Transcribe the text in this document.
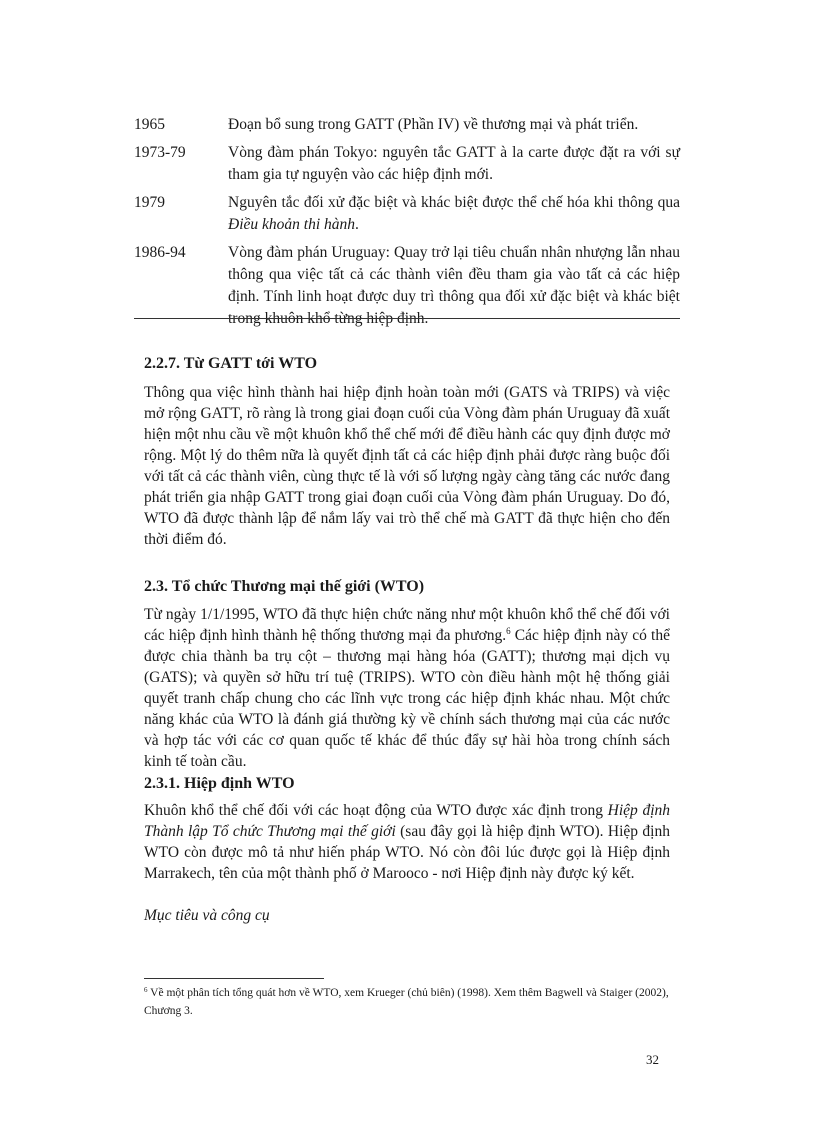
1965	Đoạn bổ sung trong GATT (Phần IV) về thương mại và phát triển.
1973-79	Vòng đàm phán Tokyo: nguyên tắc GATT à la carte được đặt ra với sự tham gia tự nguyện vào các hiệp định mới.
1979	Nguyên tắc đối xử đặc biệt và khác biệt được thể chế hóa khi thông qua Điều khoản thi hành.
1986-94	Vòng đàm phán Uruguay: Quay trở lại tiêu chuẩn nhân nhượng lẫn nhau thông qua việc tất cả các thành viên đều tham gia vào tất cả các hiệp định. Tính linh hoạt được duy trì thông qua đối xử đặc biệt và khác biệt trong khuôn khổ từng hiệp định.
2.2.7. Từ GATT tới WTO

Thông qua việc hình thành hai hiệp định hoàn toàn mới (GATS và TRIPS) và việc mở rộng GATT, rõ ràng là trong giai đoạn cuối của Vòng đàm phán Uruguay đã xuất hiện một nhu cầu về một khuôn khổ thể chế mới để điều hành các quy định được mở rộng. Một lý do thêm nữa là quyết định tất cả các hiệp định phải được ràng buộc đối với tất cả các thành viên, cùng thực tế là với số lượng ngày càng tăng các nước đang phát triển gia nhập GATT trong giai đoạn cuối của Vòng đàm phán Uruguay. Do đó, WTO đã được thành lập để nắm lấy vai trò thể chế mà GATT đã thực hiện cho đến thời điểm đó.

2.3. Tổ chức Thương mại thế giới (WTO)

Từ ngày 1/1/1995, WTO đã thực hiện chức năng như một khuôn khổ thể chế đối với các hiệp định hình thành hệ thống thương mại đa phương.$^6$ Các hiệp định này có thể được chia thành ba trụ cột – thương mại hàng hóa (GATT); thương mại dịch vụ (GATS); và quyền sở hữu trí tuệ (TRIPS). WTO còn điều hành một hệ thống giải quyết tranh chấp chung cho các lĩnh vực trong các hiệp định khác nhau. Một chức năng khác của WTO là đánh giá thường kỳ về chính sách thương mại của các nước và hợp tác với các cơ quan quốc tế khác để thúc đẩy sự hài hòa trong chính sách kinh tế toàn cầu.

2.3.1. Hiệp định WTO

Khuôn khổ thể chế đối với các hoạt động của WTO được xác định trong Hiệp định Thành lập Tổ chức Thương mại thế giới (sau đây gọi là hiệp định WTO). Hiệp định WTO còn được mô tả như hiến pháp WTO. Nó còn đôi lúc được gọi là Hiệp định Marrakech, tên của một thành phố ở Marooco - nơi Hiệp định này được ký kết.

Mục tiêu và công cụ

$^6$ Về một phân tích tổng quát hơn về WTO, xem Krueger (chủ biên) (1998). Xem thêm Bagwell và Staiger (2002), Chương 3.

32
